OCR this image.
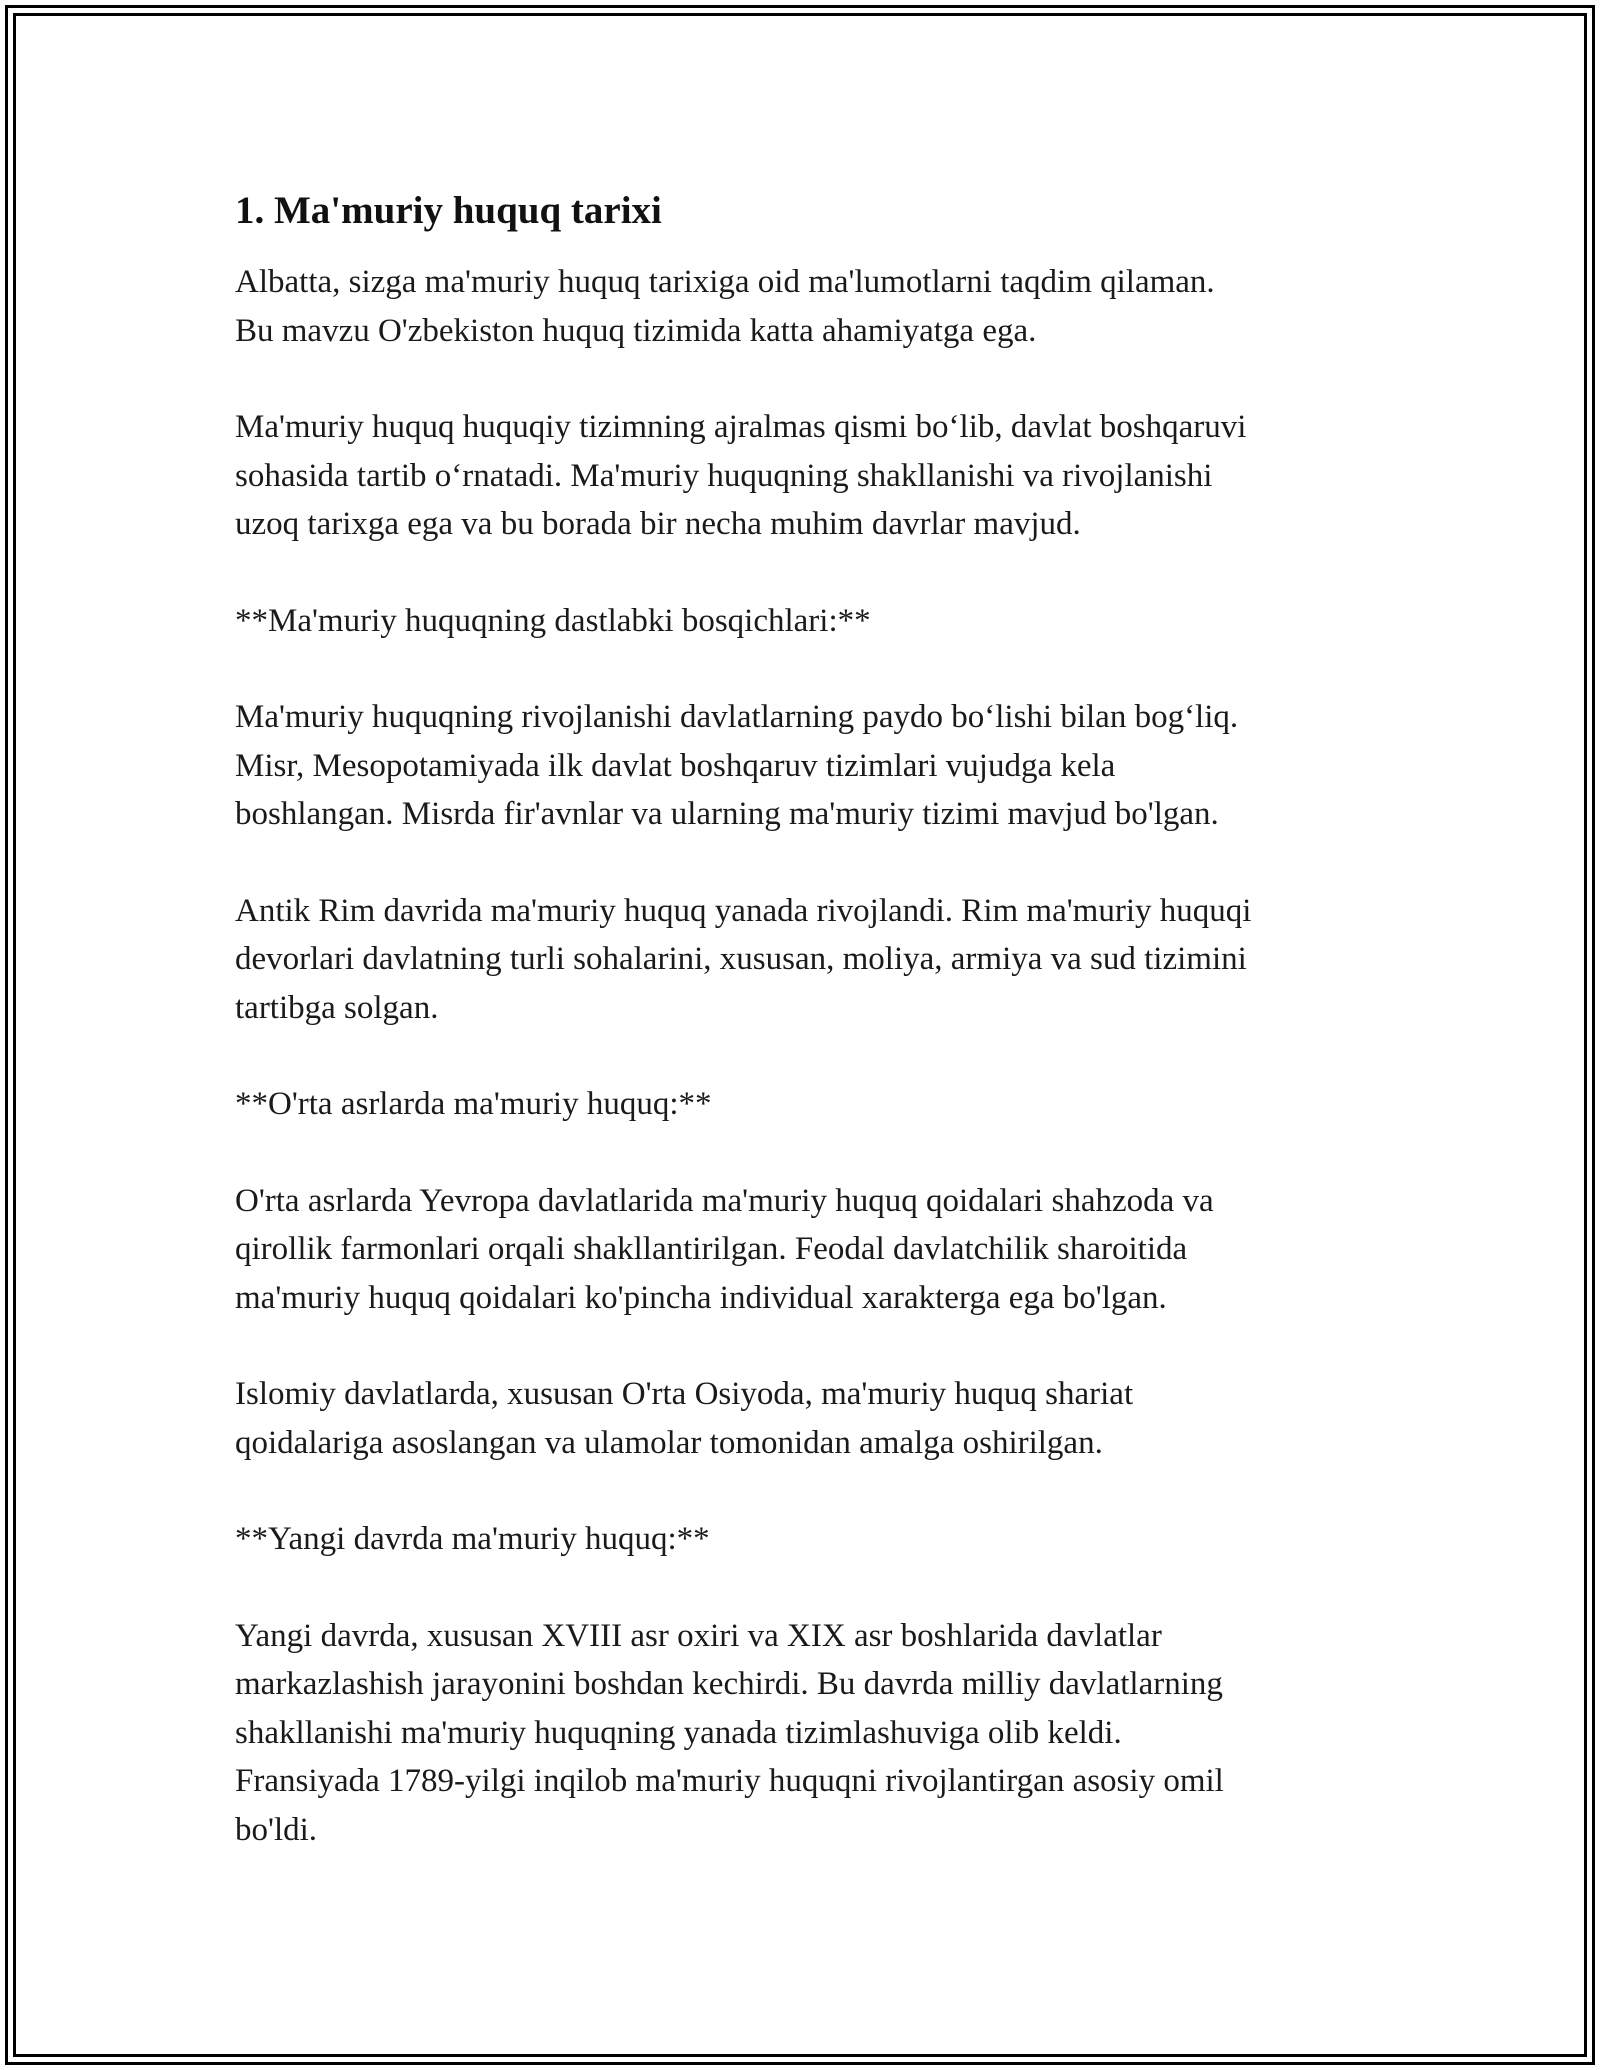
1. Ma'muriy huquq tarixi

Albatta, sizga ma'muriy huquq tarixiga oid ma'lumotlarni taqdim qilaman.
Bu mavzu O'zbekiston huquq tizimida katta ahamiyatga ega.

Ma'muriy huquq huquqiy tizimning ajralmas qismi bo‘lib, davlat boshqaruvi
sohasida tartib o‘rnatadi. Ma'muriy huquqning shakllanishi va rivojlanishi
uzoq tarixga ega va bu borada bir necha muhim davrlar mavjud.

**Ma'muriy huquqning dastlabki bosqichlari:**

Ma'muriy huquqning rivojlanishi davlatlarning paydo bo‘lishi bilan bog‘liq.
Misr, Mesopotamiyada ilk davlat boshqaruv tizimlari vujudga kela
boshlangan. Misrda fir'avnlar va ularning ma'muriy tizimi mavjud bo'lgan.

Antik Rim davrida ma'muriy huquq yanada rivojlandi. Rim ma'muriy huquqi
devorlari davlatning turli sohalarini, xususan, moliya, armiya va sud tizimini
tartibga solgan.

**O'rta asrlarda ma'muriy huquq:**

O'rta asrlarda Yevropa davlatlarida ma'muriy huquq qoidalari shahzoda va
qirollik farmonlari orqali shakllantirilgan. Feodal davlatchilik sharoitida
ma'muriy huquq qoidalari ko'pincha individual xarakterga ega bo'lgan.

Islomiy davlatlarda, xususan O'rta Osiyoda, ma'muriy huquq shariat
qoidalariga asoslangan va ulamolar tomonidan amalga oshirilgan.

**Yangi davrda ma'muriy huquq:**

Yangi davrda, xususan XVIII asr oxiri va XIX asr boshlarida davlatlar
markazlashish jarayonini boshdan kechirdi. Bu davrda milliy davlatlarning
shakllanishi ma'muriy huquqning yanada tizimlashuviga olib keldi.
Fransiyada 1789-yilgi inqilob ma'muriy huquqni rivojlantirgan asosiy omil
bo'ldi.
